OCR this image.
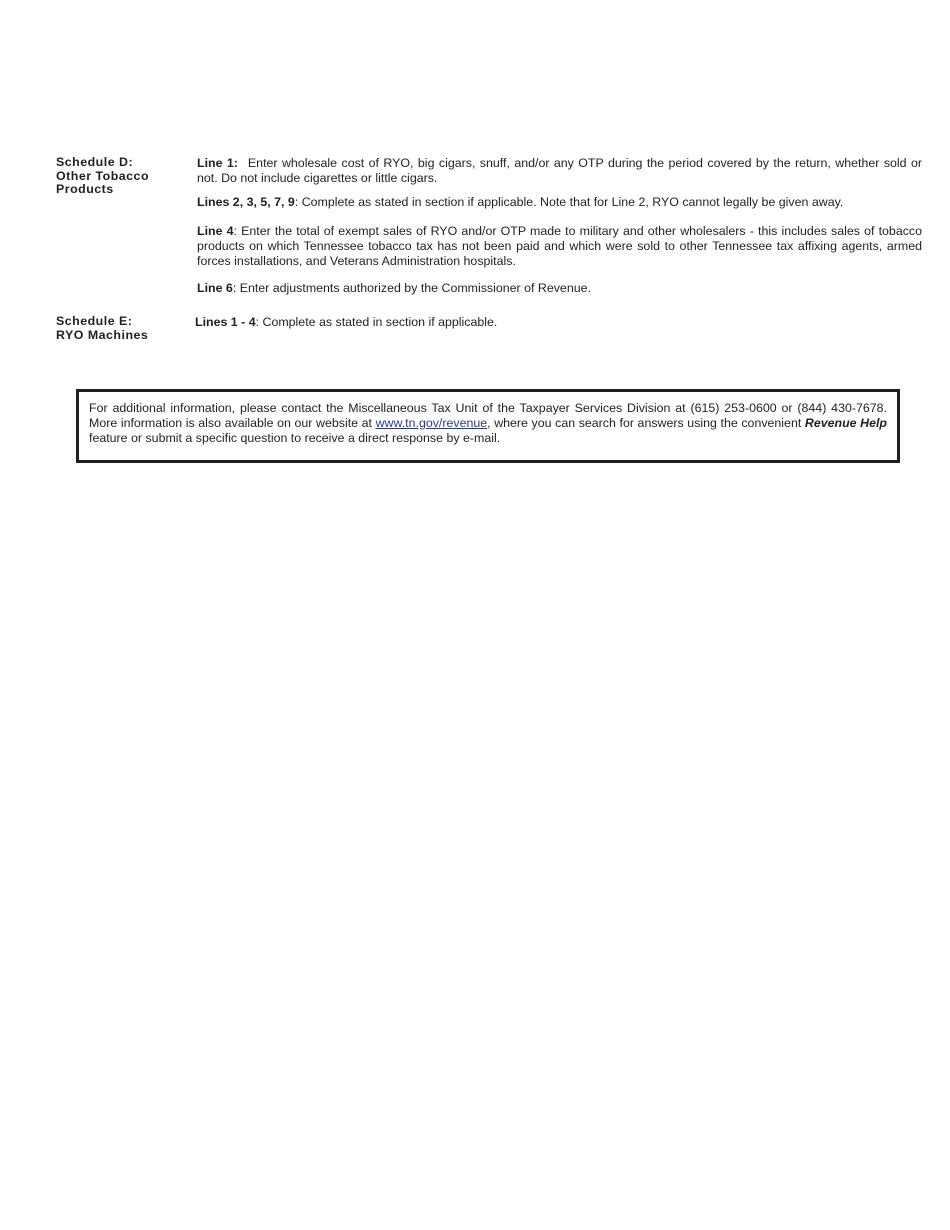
Schedule D:
Other Tobacco
Products

Line 1: Enter wholesale cost of RYO, big cigars, snuff, and/or any OTP during the period covered by the return, whether sold or not. Do not include cigarettes or little cigars.

Lines 2, 3, 5, 7, 9: Complete as stated in section if applicable. Note that for Line 2, RYO cannot legally be given away.

Line 4: Enter the total of exempt sales of RYO and/or OTP made to military and other wholesalers - this includes sales of tobacco products on which Tennessee tobacco tax has not been paid and which were sold to other Tennessee tax affixing agents, armed forces installations, and Veterans Administration hospitals.

Line 6: Enter adjustments authorized by the Commissioner of Revenue.

Schedule E:
RYO Machines

Lines 1 - 4: Complete as stated in section if applicable.

For additional information, please contact the Miscellaneous Tax Unit of the Taxpayer Services Division at (615) 253-0600 or (844) 430-7678. More information is also available on our website at www.tn.gov/revenue, where you can search for answers using the convenient Revenue Help feature or submit a specific question to receive a direct response by e-mail.
